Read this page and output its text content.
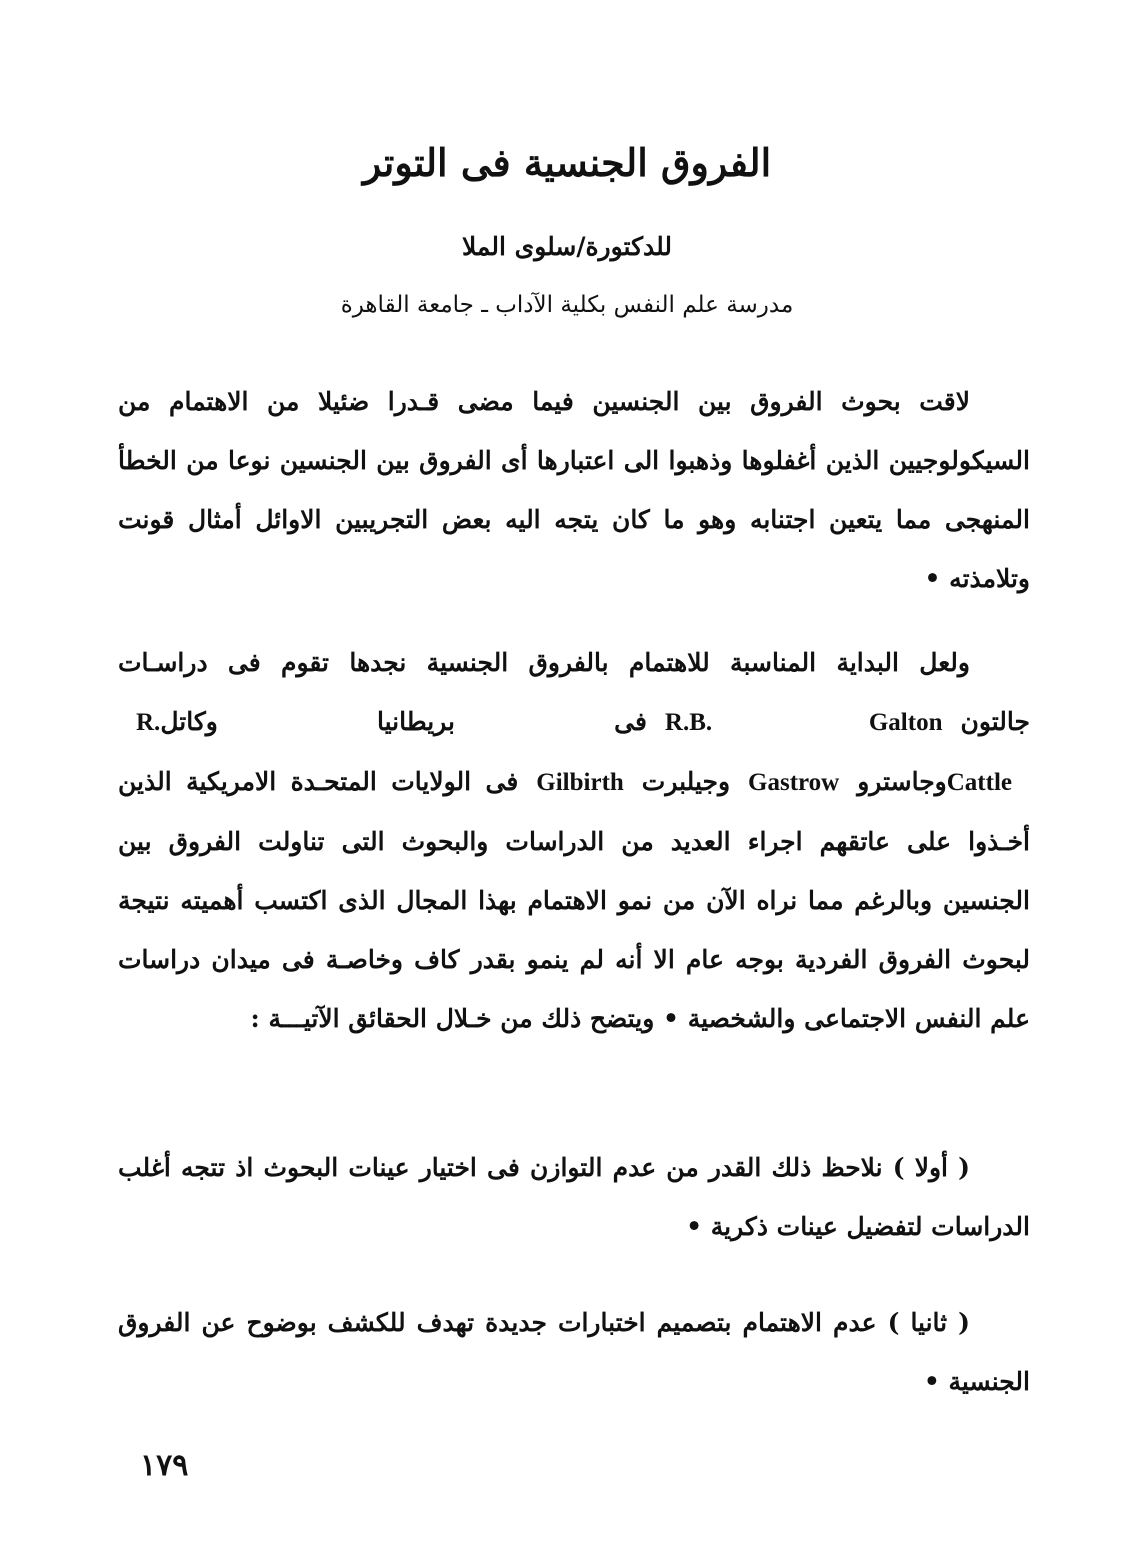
الفروق الجنسية فى التوتر
للدكتورة/سلوى الملا
مدرسة علم النفس بكلية الآداب ـ جامعة القاهرة

لاقت بحوث الفروق بين الجنسين فيما مضى قـدرا ضئيلا من الاهتمام من السيكولوجيين الذين أغفلوها وذهبوا الى اعتبارها أى الفروق بين الجنسين نوعا من الخطأ المنهجى مما يتعين اجتنابه وهو ما كان يتجه اليه بعض التجريبين الاوائل أمثال قونت وتلامذته •

ولعل البداية المناسبة للاهتمام بالفروق الجنسية نجدها تقوم فى دراسـات جالتونR.B. Galtonفى بريطانيا وكاتلR. CattleوجاستروGastrowوجيلبرتGilbirthفى الولايات المتحـدة الامريكية الذين أخـذوا على عاتقهم اجراء العديد من الدراسات والبحوث التى تناولت الفروق بين الجنسين وبالرغم مما نراه الآن من نمو الاهتمام بهذا المجال الذى اكتسب أهميته نتيجة لبحوث الفروق الفردية بوجه عام الا أنه لم ينمو بقدر كاف وخاصـة فى ميدان دراسات علم النفس الاجتماعى والشخصية • ويتضح ذلك من خـلال الحقائق الآتيـــة :

( أولا ) نلاحظ ذلك القدر من عدم التوازن فى اختيار عينات البحوث اذ تتجه أغلب الدراسات لتفضيل عينات ذكرية •

( ثانيا ) عدم الاهتمام بتصميم اختبارات جديدة تهدف للكشف بوضوح عن الفروق الجنسية •

١٧٩
